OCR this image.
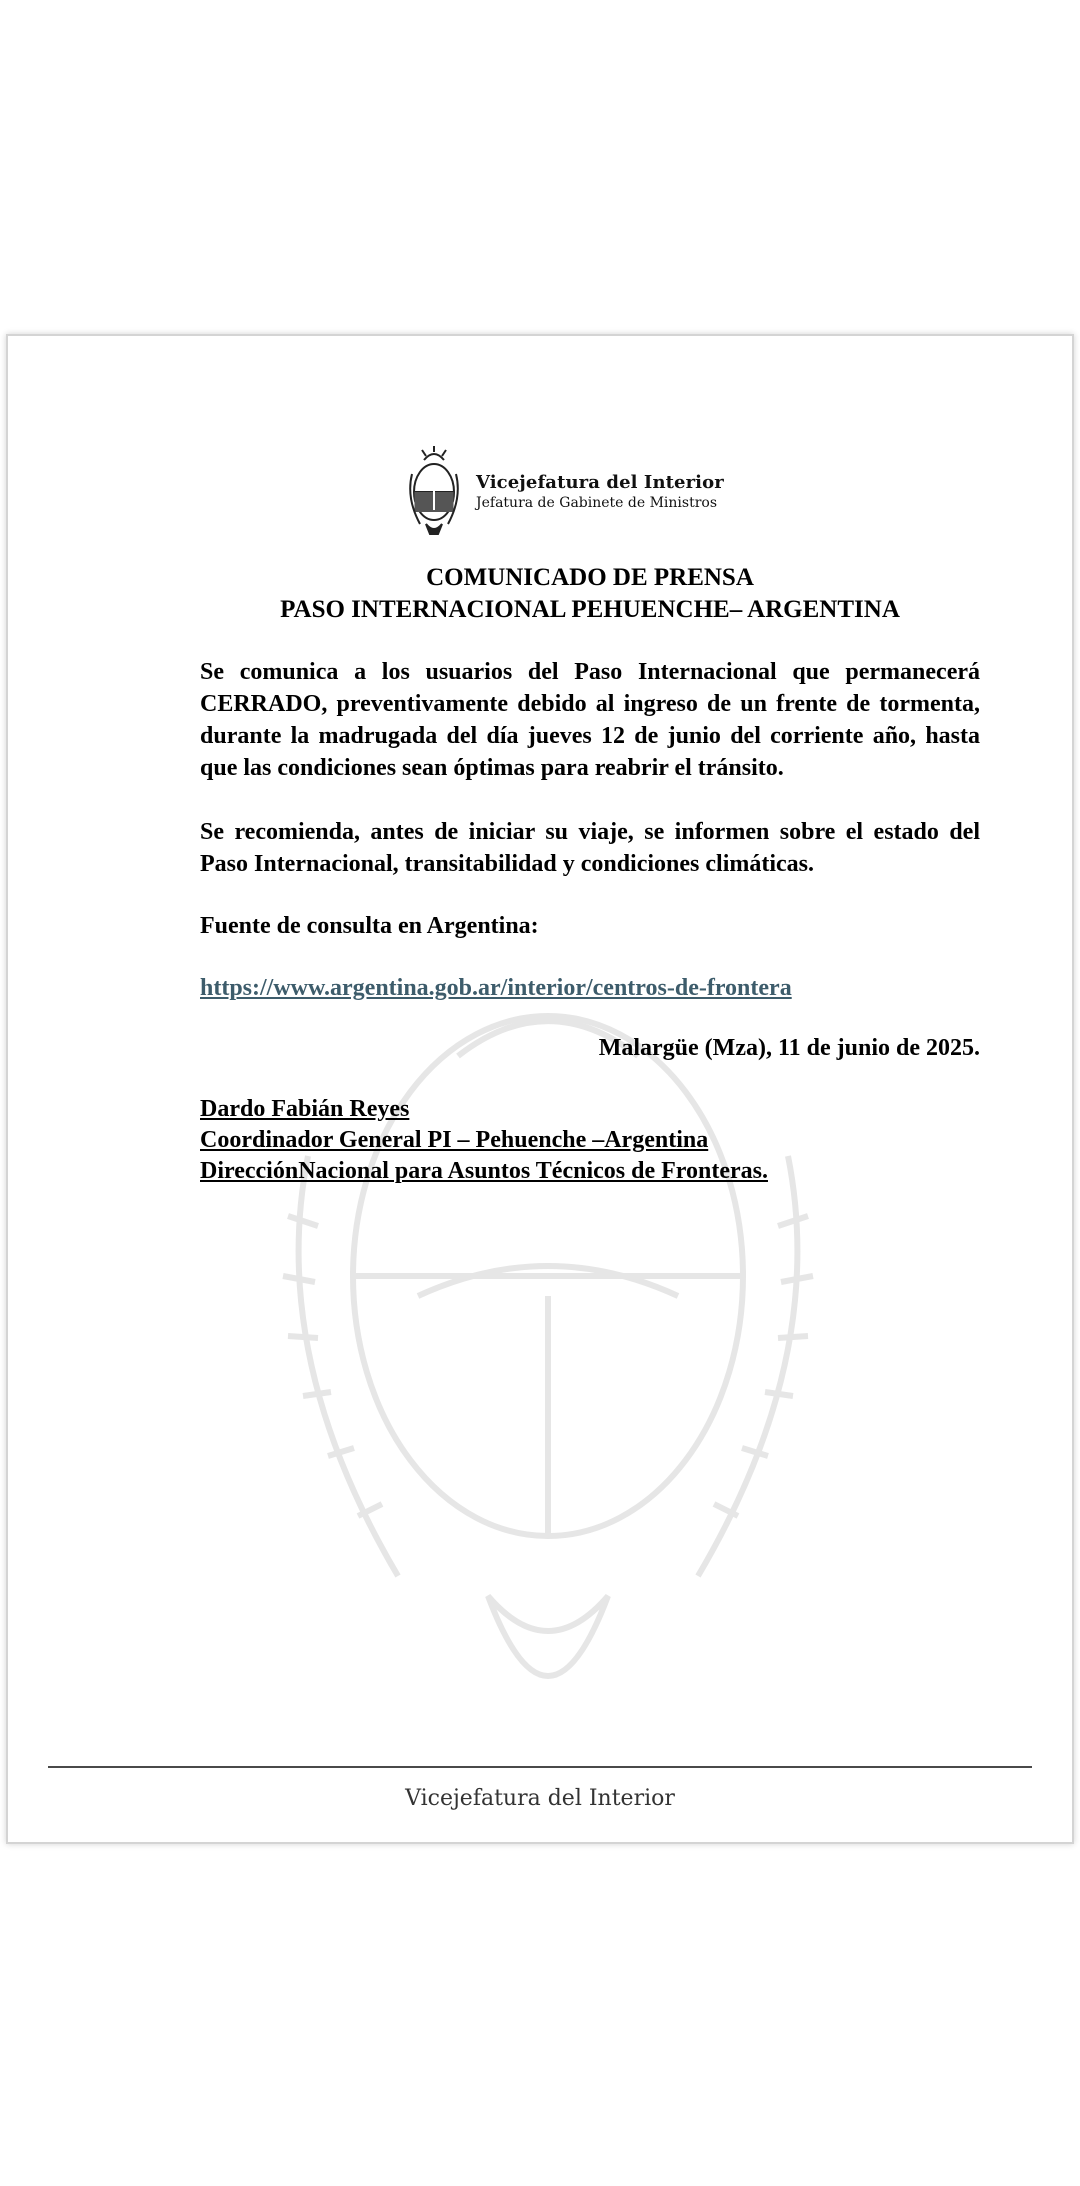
Vicejefatura del Interior
Jefatura de Gabinete de Ministros
COMUNICADO DE PRENSA
PASO INTERNACIONAL PEHUENCHE– ARGENTINA

Se comunica a los usuarios del Paso Internacional que permanecerá CERRADO, preventivamente debido al ingreso de un frente de tormenta, durante la madrugada del día jueves 12 de junio del corriente año, hasta que las condiciones sean óptimas para reabrir el tránsito.

Se recomienda, antes de iniciar su viaje, se informen sobre el estado del Paso Internacional, transitabilidad y condiciones climáticas.

Fuente de consulta en Argentina:

https://www.argentina.gob.ar/interior/centros-de-frontera
Malargüe (Mza), 11 de junio de 2025.
Dardo Fabián Reyes
Coordinador General PI – Pehuenche –Argentina
DirecciónNacional para Asuntos Técnicos de Fronteras.
Vicejefatura del Interior
